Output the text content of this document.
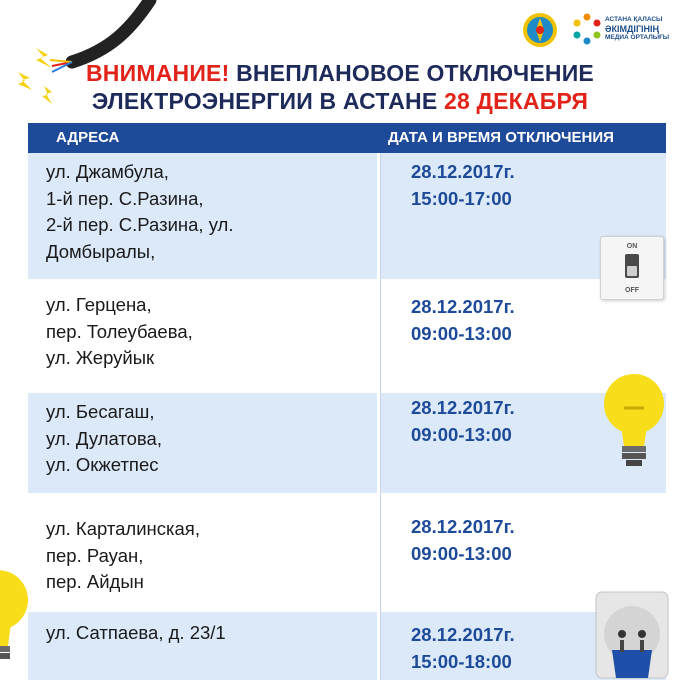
АСТАНА ҚАЛАСЫ
ӘКІМДІГІНІҢ
МЕДИА ОРТАЛЫҒЫ
ВНИМАНИЕ! ВНЕПЛАНОВОЕ ОТКЛЮЧЕНИЕ
ЭЛЕКТРОЭНЕРГИИ В АСТАНЕ 28 ДЕКАБРЯ
АДРЕСА	ДАТА И ВРЕМЯ ОТКЛЮЧЕНИЯ
ул. Джамбула,
1-й пер. С.Разина,
2-й пер. С.Разина, ул.
Домбыралы,
28.12.2017г.
15:00-17:00
ул. Герцена,
пер. Толеубаева,
ул. Жеруйык
28.12.2017г.
09:00-13:00
ул. Бесагаш,
ул. Дулатова,
ул. Окжетпес
28.12.2017г.
09:00-13:00
ул. Карталинская,
пер. Рауан,
пер. Айдын
28.12.2017г.
09:00-13:00
ул. Сатпаева, д. 23/1	28.12.2017г.
15:00-18:00
ON
OFF
